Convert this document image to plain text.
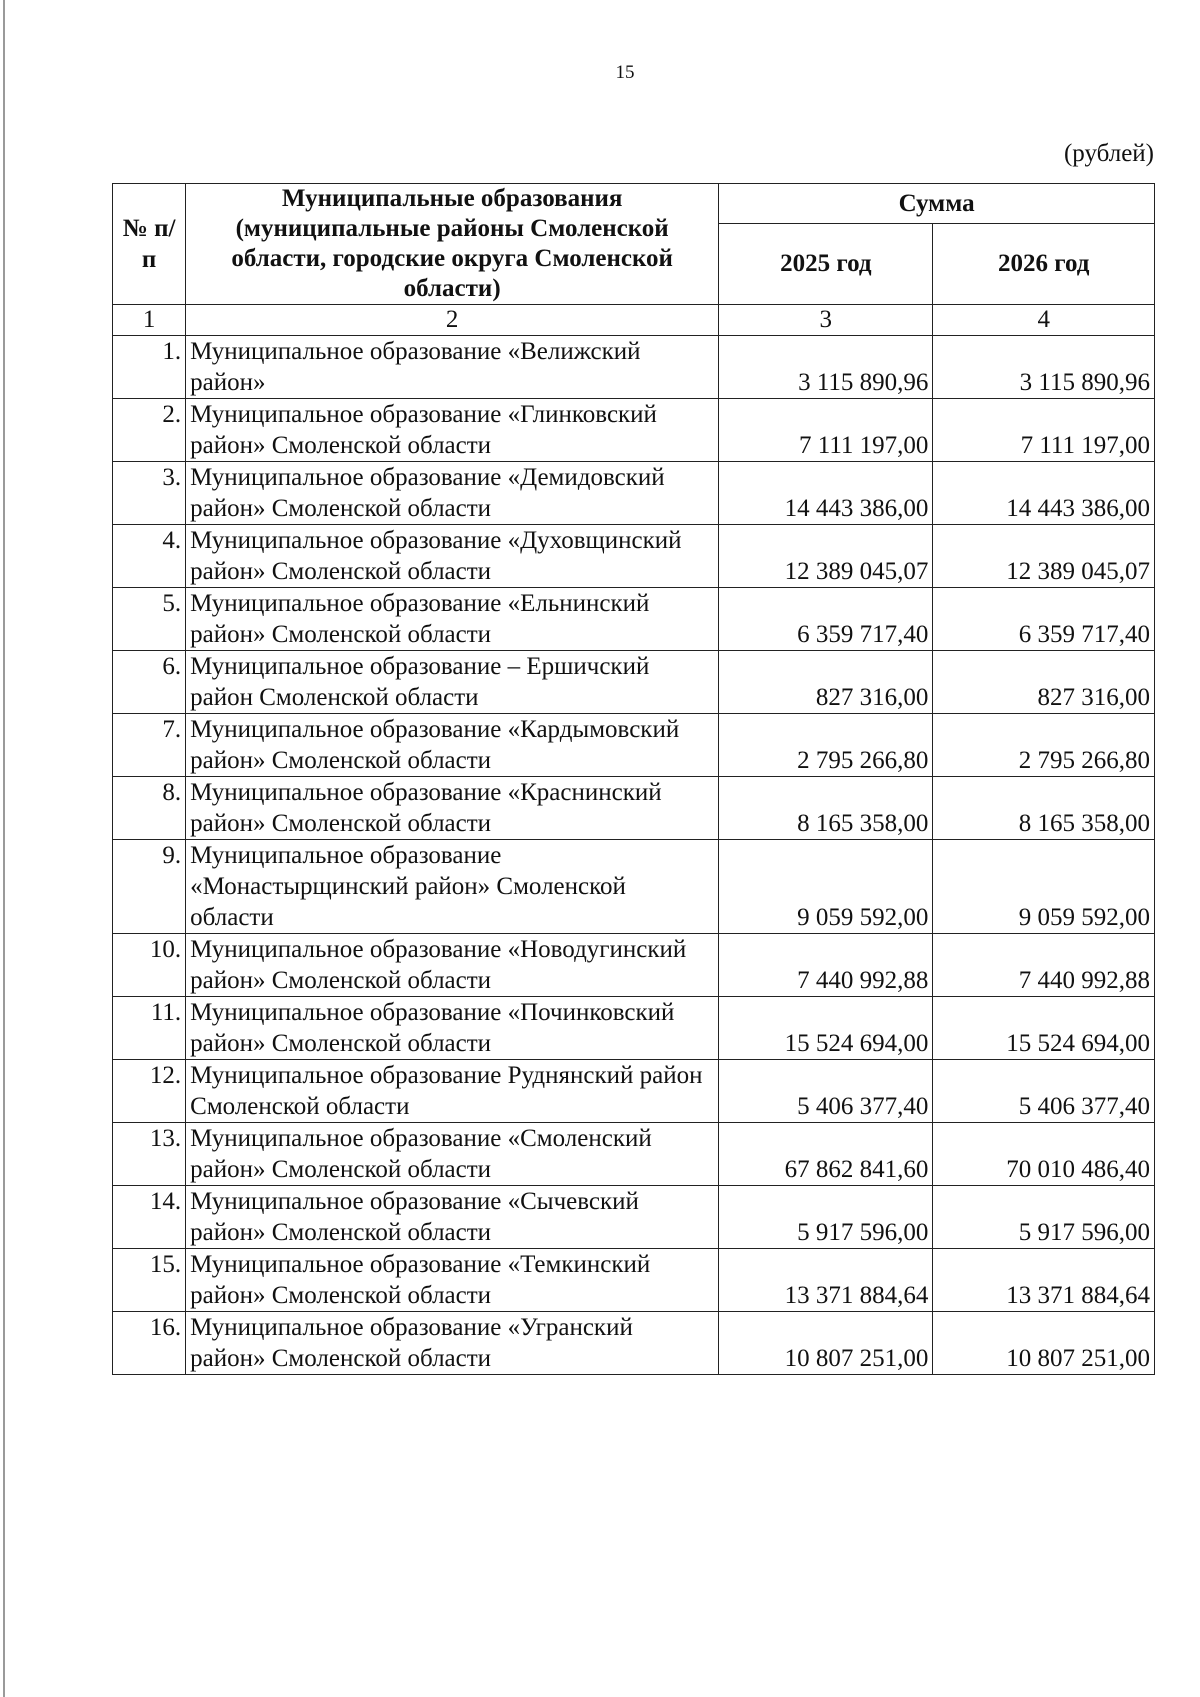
15
(рублей)
№ п/п	Муниципальные образования (муниципальные районы Смоленской области, городские округа Смоленской области)	Сумма	
		2025 год	2026 год
1	2	3	4
1.	Муниципальное образование «Велижский район»	3 115 890,96	3 115 890,96
2.	Муниципальное образование «Глинковский район» Смоленской области	7 111 197,00	7 111 197,00
3.	Муниципальное образование «Демидовский район» Смоленской области	14 443 386,00	14 443 386,00
4.	Муниципальное образование «Духовщинский район» Смоленской области	12 389 045,07	12 389 045,07
5.	Муниципальное образование «Ельнинский район» Смоленской области	6 359 717,40	6 359 717,40
6.	Муниципальное образование – Ершичский район Смоленской области	827 316,00	827 316,00
7.	Муниципальное образование «Кардымовский район» Смоленской области	2 795 266,80	2 795 266,80
8.	Муниципальное образование «Краснинский район» Смоленской области	8 165 358,00	8 165 358,00
9.	Муниципальное образование «Монастырщинский район» Смоленской области	9 059 592,00	9 059 592,00
10.	Муниципальное образование «Новодугинский район» Смоленской области	7 440 992,88	7 440 992,88
11.	Муниципальное образование «Починковский район» Смоленской области	15 524 694,00	15 524 694,00
12.	Муниципальное образование Руднянский район Смоленской области	5 406 377,40	5 406 377,40
13.	Муниципальное образование «Смоленский район» Смоленской области	67 862 841,60	70 010 486,40
14.	Муниципальное образование «Сычевский район» Смоленской области	5 917 596,00	5 917 596,00
15.	Муниципальное образование «Темкинский район» Смоленской области	13 371 884,64	13 371 884,64
16.	Муниципальное образование «Угранский район» Смоленской области	10 807 251,00	10 807 251,00
